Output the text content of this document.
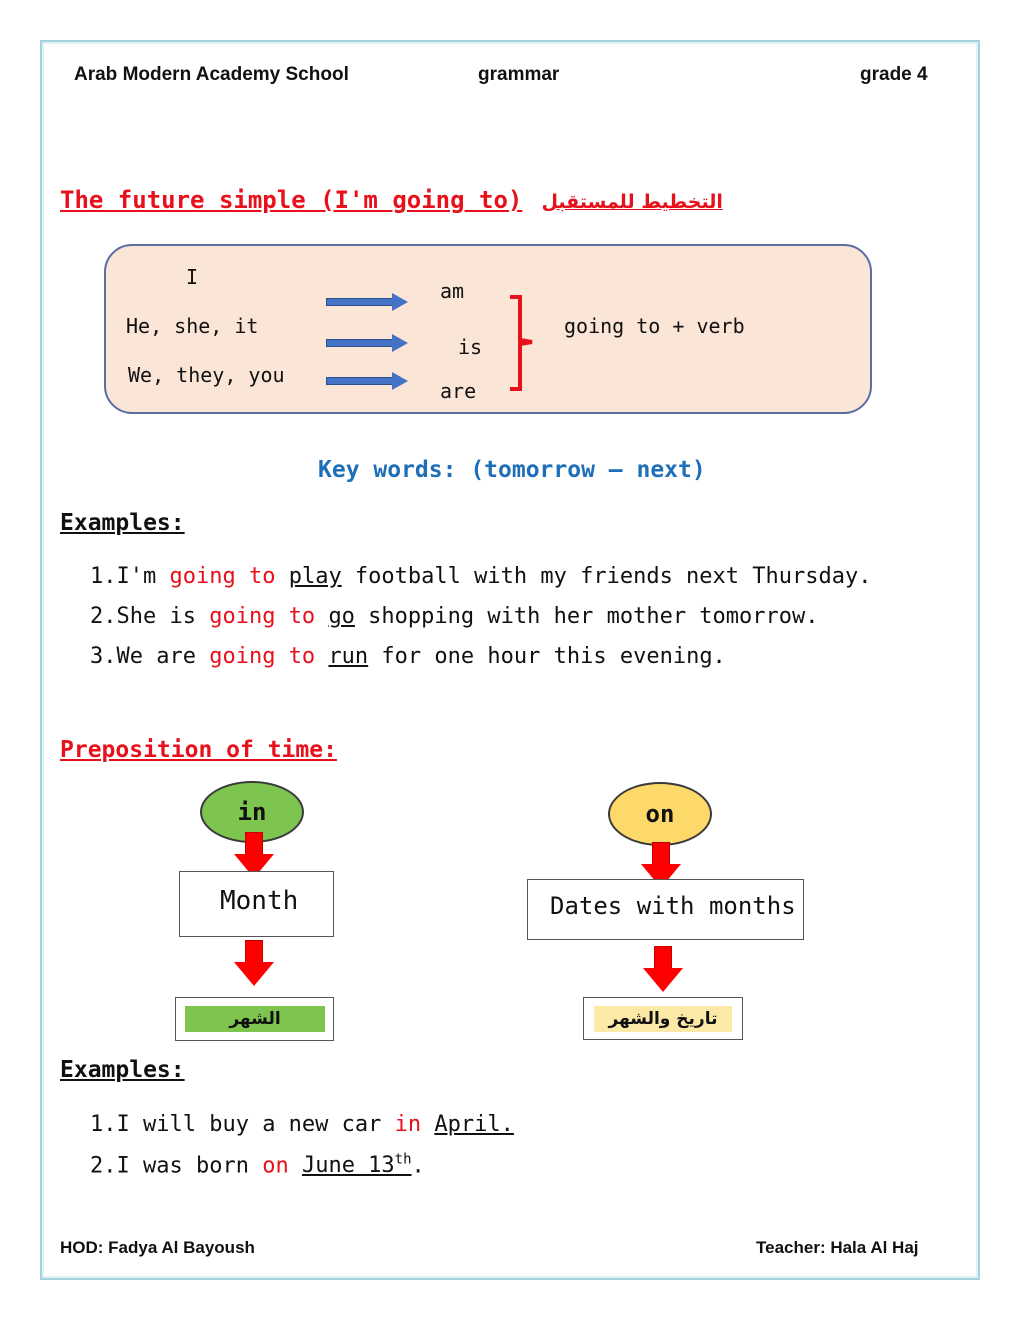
Arab Modern Academy School	grammar	grade 4
The future simple (I'm going to) التخطيط للمستقبل
I
He, she, it
We, they, you
am
is
are
going to + verb
Key words: (tomorrow – next)
Examples:
1.I'm going to play football with my friends next Thursday.
2.She is going to go shopping with her mother tomorrow.
3.We are going to run for one hour this evening.
Preposition of time:
in
Month
الشهر
on
Dates with months
تاريخ والشهر
Examples:
1.I will buy a new car in April.
2.I was born on June 13th.
HOD: Fadya Al Bayoush	Teacher: Hala Al Haj
